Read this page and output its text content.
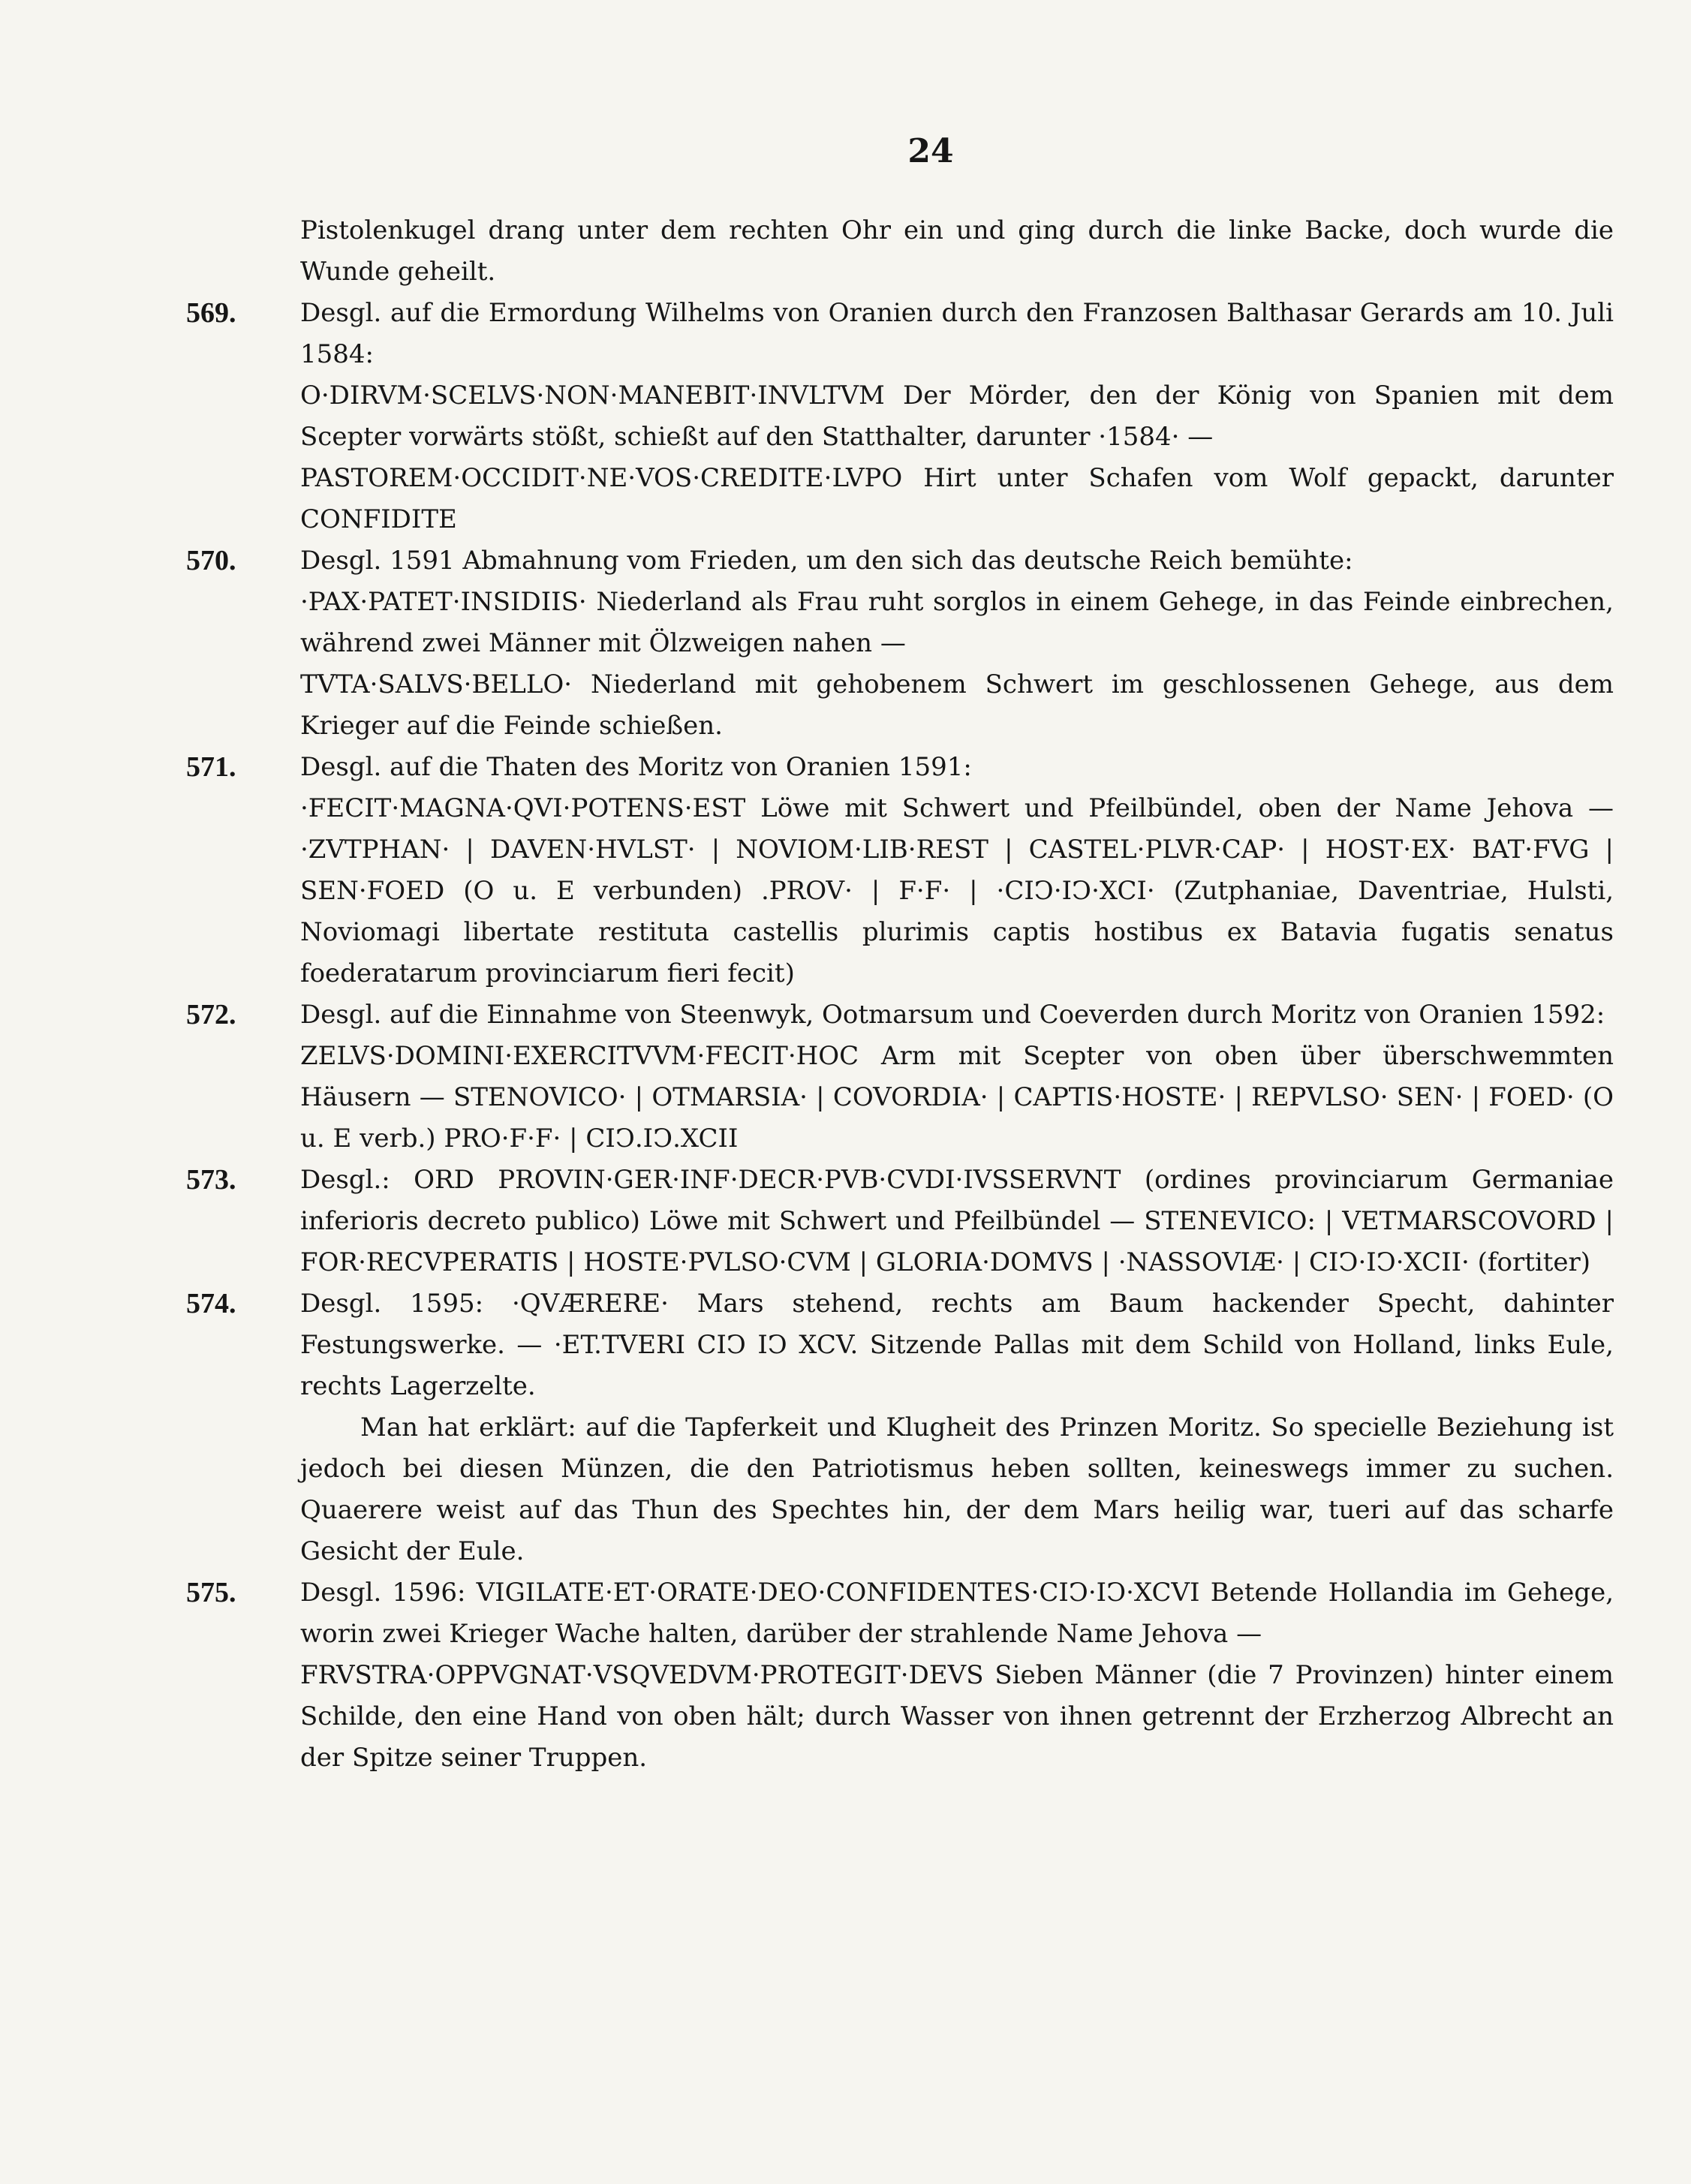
24
Pistolenkugel drang unter dem rechten Ohr ein und ging durch die linke Backe, doch wurde die Wunde geheilt.
569.	Desgl. auf die Ermordung Wilhelms von Oranien durch den Franzosen Balthasar Gerards am 10. Juli 1584:
O·DIRVM·SCELVS·NON·MANEBIT·INVLTVM Der Mörder, den der König von Spanien mit dem Scepter vorwärts stößt, schießt auf den Statthalter, darunter ·1584· —
PASTOREM·OCCIDIT·NE·VOS·CREDITE·LVPO Hirt unter Schafen vom Wolf gepackt, darunter CONFIDITE
570.	Desgl. 1591 Abmahnung vom Frieden, um den sich das deutsche Reich bemühte:
·PAX·PATET·INSIDIIS· Niederland als Frau ruht sorglos in einem Gehege, in das Feinde einbrechen, während zwei Männer mit Ölzweigen nahen —
TVTA·SALVS·BELLO· Niederland mit gehobenem Schwert im geschlossenen Gehege, aus dem Krieger auf die Feinde schießen.
571.	Desgl. auf die Thaten des Moritz von Oranien 1591:
·FECIT·MAGNA·QVI·POTENS·EST Löwe mit Schwert und Pfeilbündel, oben der Name Jehova — ·ZVTPHAN· | DAVEN·HVLST· | NOVIOM·LIB·REST | CASTEL·PLVR·CAP· | HOST·EX· BAT·FVG | SEN·FOED (O u. E verbunden) .PROV· | F·F· | ·CIↃ·IↃ·XCI· (Zutphaniae, Daventriae, Hulsti, Noviomagi libertate restituta castellis plurimis captis hostibus ex Batavia fugatis senatus foederatarum provinciarum fieri fecit)
572.	Desgl. auf die Einnahme von Steenwyk, Ootmarsum und Coeverden durch Moritz von Oranien 1592:
ZELVS·DOMINI·EXERCITVVM·FECIT·HOC Arm mit Scepter von oben über überschwemmten Häusern — STENOVICO· | OTMARSIA· | COVORDIA· | CAPTIS·HOSTE· | REPVLSO· SEN· | FOED· (O u. E verb.) PRO·F·F· | CIↃ.IↃ.XCII
573.	Desgl.: ORD PROVIN·GER·INF·DECR·PVB·CVDI·IVSSERVNT (ordines provinciarum Germaniae inferioris decreto publico) Löwe mit Schwert und Pfeilbündel — STENEVICO: | VETMARSCOVORD | FOR·RECVPERATIS | HOSTE·PVLSO·CVM | GLORIA·DOMVS | ·NASSOVIÆ· | CIↃ·IↃ·XCII· (fortiter)
574.	Desgl. 1595: ·QVÆRERE· Mars stehend, rechts am Baum hackender Specht, dahinter Festungswerke. — ·ET.TVERI CIↃ IↃ XCV. Sitzende Pallas mit dem Schild von Holland, links Eule, rechts Lagerzelte.
Man hat erklärt: auf die Tapferkeit und Klugheit des Prinzen Moritz. So specielle Beziehung ist jedoch bei diesen Münzen, die den Patriotismus heben sollten, keineswegs immer zu suchen. Quaerere weist auf das Thun des Spechtes hin, der dem Mars heilig war, tueri auf das scharfe Gesicht der Eule.
575.	Desgl. 1596: VIGILATE·ET·ORATE·DEO·CONFIDENTES·CIↃ·IↃ·XCVI Betende Hollandia im Gehege, worin zwei Krieger Wache halten, darüber der strahlende Name Jehova —
FRVSTRA·OPPVGNAT·VSQVEDVM·PROTEGIT·DEVS Sieben Männer (die 7 Provinzen) hinter einem Schilde, den eine Hand von oben hält; durch Wasser von ihnen getrennt der Erzherzog Albrecht an der Spitze seiner Truppen.
